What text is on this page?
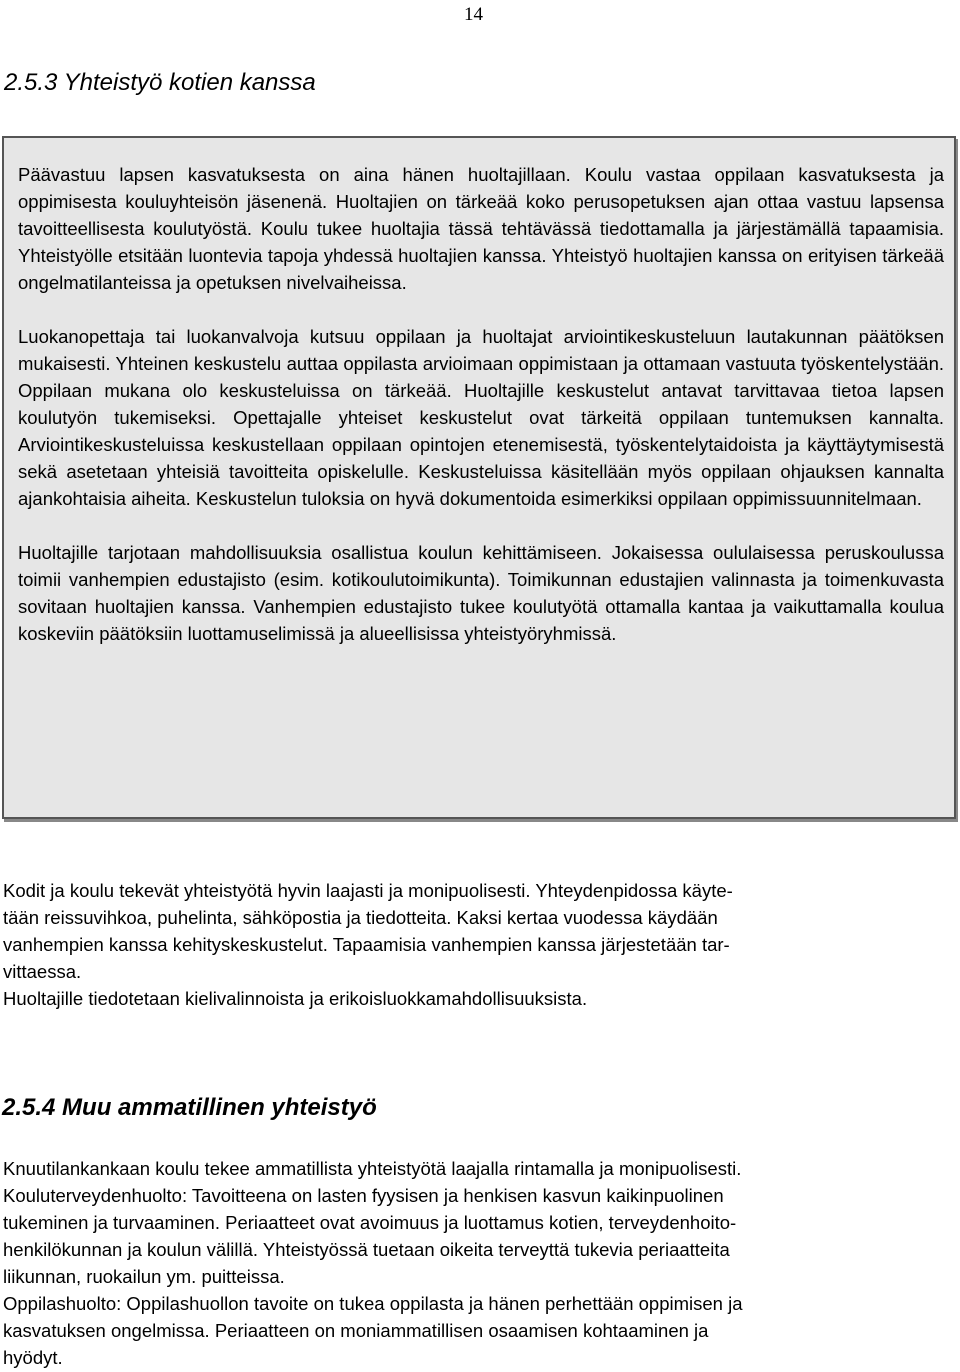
14
2.5.3 Yhteistyö kotien kanssa

Päävastuu lapsen kasvatuksesta on aina hänen huoltajillaan. Koulu vastaa oppilaan kasvatuksesta ja oppimisesta kouluyhteisön jäsenenä. Huoltajien on tärkeää koko perusopetuksen ajan ottaa vastuu lapsensa tavoitteellisesta koulutyöstä. Koulu tukee huoltajia tässä tehtävässä tiedottamalla ja järjestämällä tapaamisia. Yhteistyölle etsitään luontevia tapoja yhdessä huoltajien kanssa. Yhteistyö huoltajien kanssa on erityisen tärkeää ongelmatilanteissa ja opetuksen nivelvaiheissa.

Luokanopettaja tai luokanvalvoja kutsuu oppilaan ja huoltajat arviointikeskusteluun lautakunnan päätöksen mukaisesti. Yhteinen keskustelu auttaa oppilasta arvioimaan oppimistaan ja ottamaan vastuuta työskentelystään. Oppilaan mukana olo keskusteluissa on tärkeää. Huoltajille keskustelut antavat tarvittavaa tietoa lapsen koulutyön tukemiseksi. Opettajalle yhteiset keskustelut ovat tärkeitä oppilaan tuntemuksen kannalta. Arviointikeskusteluissa keskustellaan oppilaan opintojen etenemisestä, työskentelytaidoista ja käyttäytymisestä sekä asetetaan yhteisiä tavoitteita opiskelulle. Keskusteluissa käsitellään myös oppilaan ohjauksen kannalta ajankohtaisia aiheita. Keskustelun tuloksia on hyvä dokumentoida esimerkiksi oppilaan oppimissuunnitelmaan.

Huoltajille tarjotaan mahdollisuuksia osallistua koulun kehittämiseen. Jokaisessa oululaisessa peruskoulussa toimii vanhempien edustajisto (esim. kotikoulutoimikunta). Toimikunnan edustajien valinnasta ja toimenkuvasta sovitaan huoltajien kanssa. Vanhempien edustajisto tukee koulutyötä ottamalla kantaa ja vaikuttamalla koulua koskeviin päätöksiin luottamuselimissä ja alueellisissa yhteistyöryhmissä.

Kodit ja koulu tekevät yhteistyötä hyvin laajasti ja monipuolisesti. Yhteydenpidossa käyte-

tään reissuvihkoa, puhelinta, sähköpostia ja tiedotteita. Kaksi kertaa vuodessa käydään

vanhempien kanssa kehityskeskustelut. Tapaamisia vanhempien kanssa järjestetään tar-

vittaessa.

Huoltajille tiedotetaan kielivalinnoista ja erikoisluokkamahdollisuuksista.

2.5.4 Muu ammatillinen yhteistyö

Knuutilankankaan koulu tekee ammatillista yhteistyötä laajalla rintamalla ja monipuolisesti.

Kouluterveydenhuolto: Tavoitteena on lasten fyysisen ja henkisen kasvun kaikinpuolinen

tukeminen ja turvaaminen. Periaatteet ovat avoimuus ja luottamus kotien, terveydenhoito-

henkilökunnan ja koulun välillä. Yhteistyössä tuetaan oikeita terveyttä tukevia periaatteita

liikunnan, ruokailun ym. puitteissa.

Oppilashuolto: Oppilashuollon tavoite on tukea oppilasta ja hänen perhettään oppimisen ja

kasvatuksen ongelmissa. Periaatteen on moniammatillisen osaamisen kohtaaminen ja

hyödyt.
